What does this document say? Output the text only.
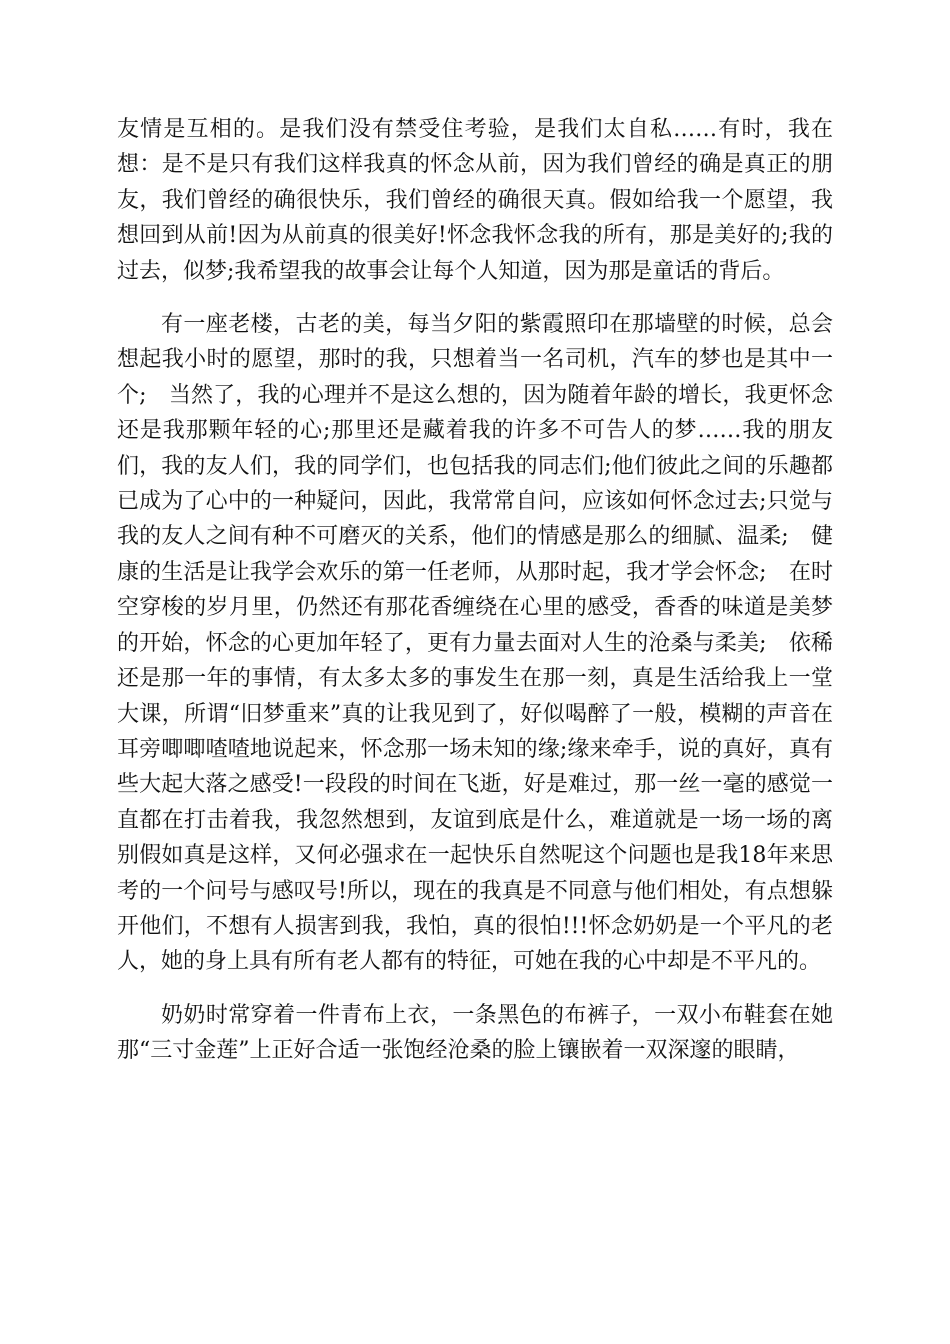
友情是互相的。是我们没有禁受住考验，是我们太自私……有时，我在想：是不是只有我们这样我真的怀念从前，因为我们曾经的确是真正的朋友，我们曾经的确很快乐，我们曾经的确很天真。假如给我一个愿望，我想回到从前!因为从前真的很美好!怀念我怀念我的所有，那是美好的;我的过去，似梦;我希望我的故事会让每个人知道，因为那是童话的背后。

有一座老楼，古老的美，每当夕阳的紫霞照印在那墙壁的时候，总会想起我小时的愿望，那时的我，只想着当一名司机，汽车的梦也是其中一个;　当然了，我的心理并不是这么想的，因为随着年龄的增长，我更怀念还是我那颗年轻的心;那里还是藏着我的许多不可告人的梦……我的朋友们，我的友人们，我的同学们，也包括我的同志们;他们彼此之间的乐趣都已成为了心中的一种疑问，因此，我常常自问，应该如何怀念过去;只觉与我的友人之间有种不可磨灭的关系，他们的情感是那么的细腻、温柔;　健康的生活是让我学会欢乐的第一任老师，从那时起，我才学会怀念;　在时空穿梭的岁月里，仍然还有那花香缠绕在心里的感受，香香的味道是美梦的开始，怀念的心更加年轻了，更有力量去面对人生的沧桑与柔美;　依稀还是那一年的事情，有太多太多的事发生在那一刻，真是生活给我上一堂大课，所谓“旧梦重来”真的让我见到了，好似喝醉了一般，模糊的声音在耳旁唧唧喳喳地说起来，怀念那一场未知的缘;缘来牵手，说的真好，真有些大起大落之感受!一段段的时间在飞逝，好是难过，那一丝一毫的感觉一直都在打击着我，我忽然想到，友谊到底是什么，难道就是一场一场的离别假如真是这样，又何必强求在一起快乐自然呢这个问题也是我18年来思考的一个问号与感叹号!所以，现在的我真是不同意与他们相处，有点想躲开他们，不想有人损害到我，我怕，真的很怕!!!怀念奶奶是一个平凡的老人，她的身上具有所有老人都有的特征，可她在我的心中却是不平凡的。

奶奶时常穿着一件青布上衣，一条黑色的布裤子，一双小布鞋套在她那“三寸金莲”上正好合适一张饱经沧桑的脸上镶嵌着一双深邃的眼睛，
